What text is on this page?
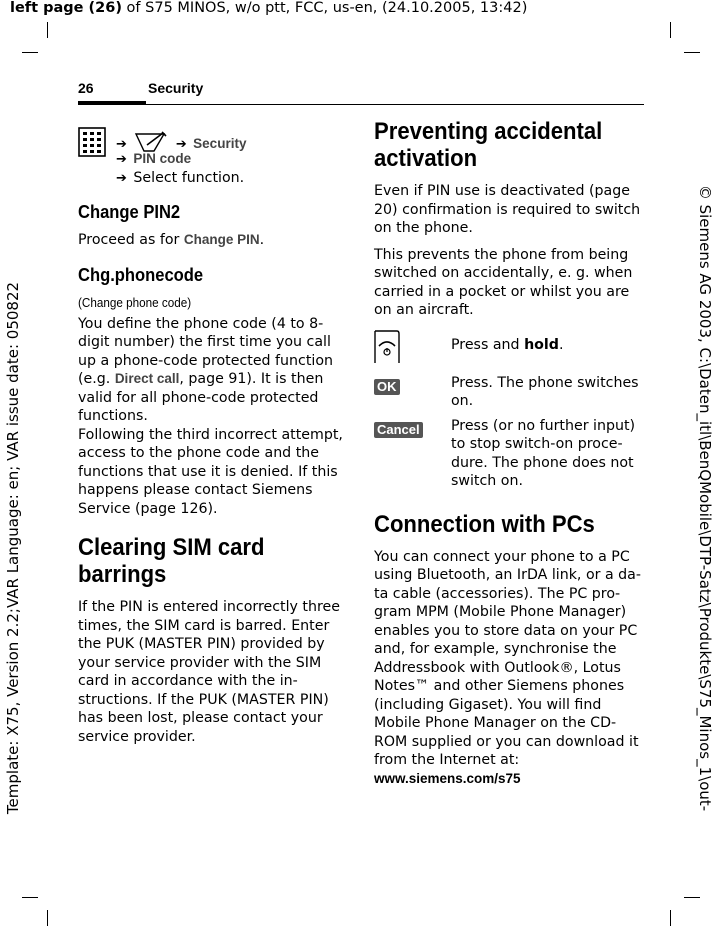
left page (26) of S75 MINOS, w/o ptt, FCC, us-en, (24.10.2005, 13:42)
Template: X75, Version 2.2;VAR Language: en; VAR issue date: 050822	© Siemens AG 2003, C:\Daten_itl\BenQMobile\DTP-Satz\Produkte\S75_Minos_1\out-
26	Security
➔	➔ Security
➔ PIN code
➔ Select function.
Change PIN2

Proceed as for Change PIN.

Chg.phonecode
(Change phone code)

You define the phone code (4 to 8-digit number) the first time you call up a phone-code protected function (e.g. Direct call, page 91). It is then valid for all phone-code protected functions.

Following the third incorrect attempt, access to the phone code and the functions that use it is denied. If this happens please contact Siemens Service (page 126).

Clearing SIM card barrings

If the PIN is entered incorrectly three times, the SIM card is barred. Enter the PUK (MASTER PIN) provided by your service provider with the SIM card in accordance with the instructions. If the PUK (MASTER PIN) has been lost, please contact your service provider.

Preventing accidental activation

Even if PIN use is deactivated (page 20) confirmation is required to switch on the phone.

This prevents the phone from being switched on accidentally, e. g. when carried in a pocket or whilst you are on an aircraft.

Press and hold.
OK	Press. The phone switches on.
Cancel	Press (or no further input) to stop switch-on procedure. The phone does not switch on.
Connection with PCs

You can connect your phone to a PC using Bluetooth, an IrDA link, or a data cable (accessories). The PC program MPM (Mobile Phone Manager) enables you to store data on your PC and, for example, synchronise the Addressbook with Outlook®, Lotus Notes™ and other Siemens phones (including Gigaset). You will find Mobile Phone Manager on the CD-ROM supplied or you can download it from the Internet at:
www.siemens.com/s75
